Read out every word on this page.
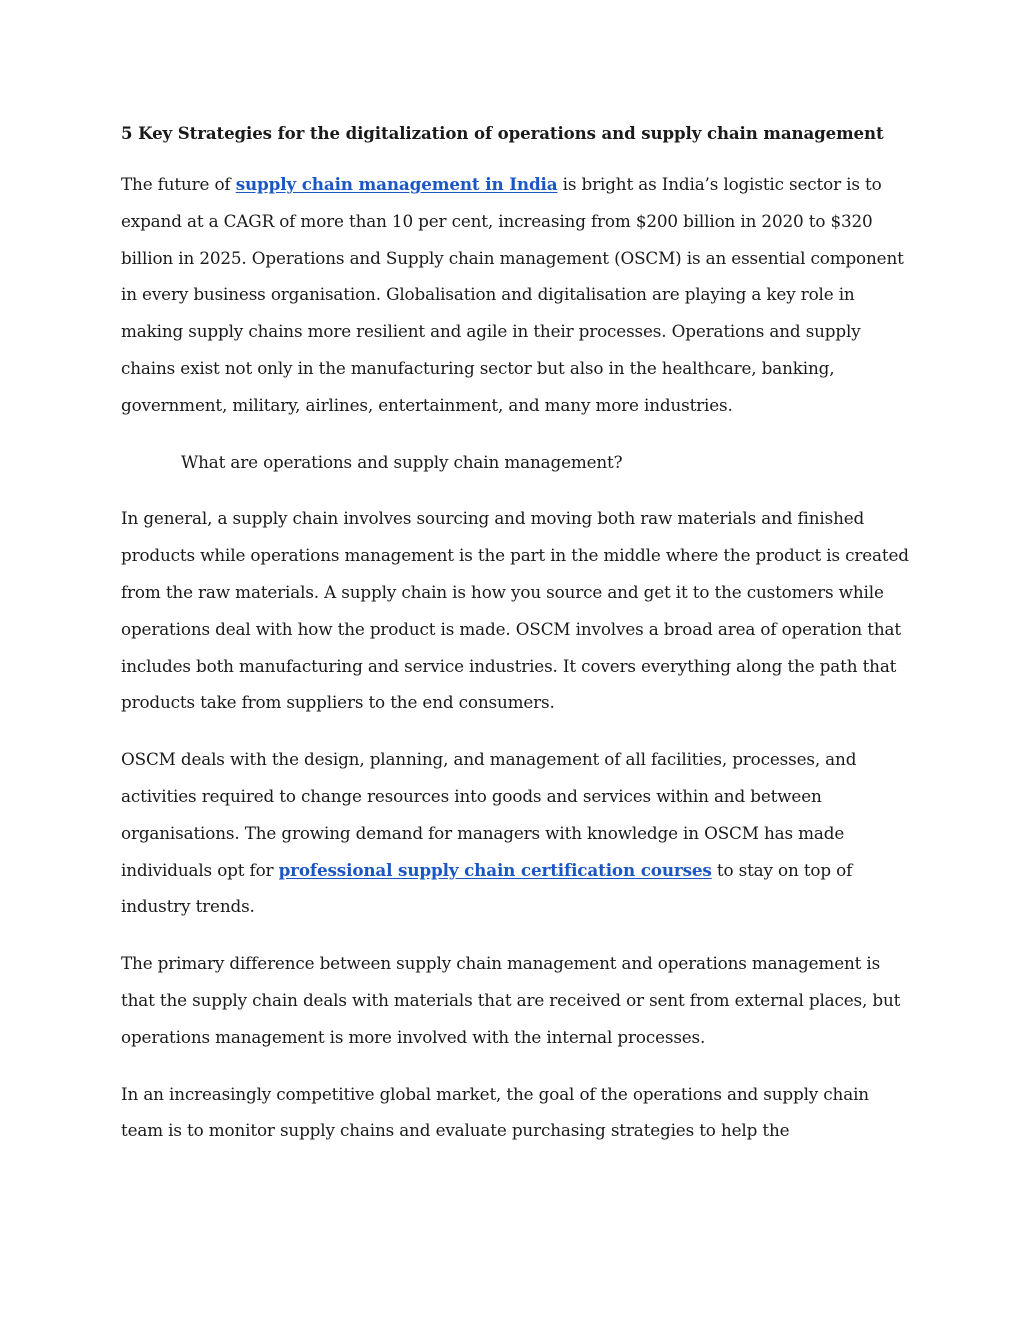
5 Key Strategies for the digitalization of operations and supply chain management

The future of supply chain management in India is bright as India’s logistic sector is to expand at a CAGR of more than 10 per cent, increasing from $200 billion in 2020 to $320 billion in 2025. Operations and Supply chain management (OSCM) is an essential component in every business organisation. Globalisation and digitalisation are playing a key role in making supply chains more resilient and agile in their processes. Operations and supply chains exist not only in the manufacturing sector but also in the healthcare, banking, government, military, airlines, entertainment, and many more industries.

What are operations and supply chain management?

In general, a supply chain involves sourcing and moving both raw materials and finished products while operations management is the part in the middle where the product is created from the raw materials. A supply chain is how you source and get it to the customers while operations deal with how the product is made. OSCM involves a broad area of operation that includes both manufacturing and service industries. It covers everything along the path that products take from suppliers to the end consumers.

OSCM deals with the design, planning, and management of all facilities, processes, and activities required to change resources into goods and services within and between organisations. The growing demand for managers with knowledge in OSCM has made individuals opt for professional supply chain certification courses to stay on top of industry trends.

The primary difference between supply chain management and operations management is that the supply chain deals with materials that are received or sent from external places, but operations management is more involved with the internal processes.

In an increasingly competitive global market, the goal of the operations and supply chain team is to monitor supply chains and evaluate purchasing strategies to help the
